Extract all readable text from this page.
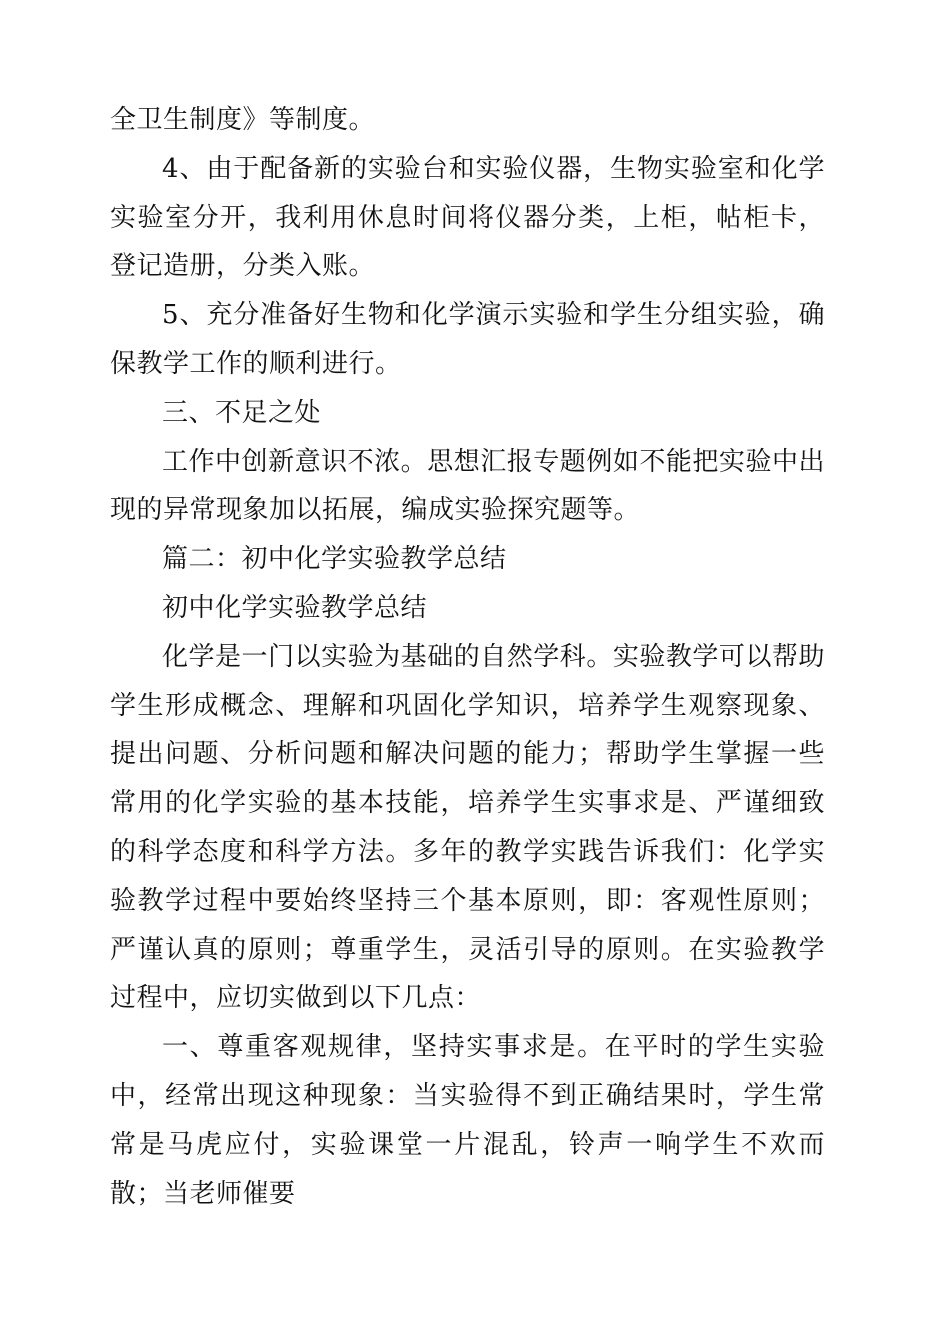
全卫生制度》等制度。

4、由于配备新的实验台和实验仪器，生物实验室和化学实验室分开，我利用休息时间将仪器分类，上柜，帖柜卡，登记造册，分类入账。

5、充分准备好生物和化学演示实验和学生分组实验，确保教学工作的顺利进行。

三、不足之处

工作中创新意识不浓。思想汇报专题例如不能把实验中出现的异常现象加以拓展，编成实验探究题等。

篇二：初中化学实验教学总结

初中化学实验教学总结

化学是一门以实验为基础的自然学科。实验教学可以帮助学生形成概念、理解和巩固化学知识，培养学生观察现象、提出问题、分析问题和解决问题的能力；帮助学生掌握一些常用的化学实验的基本技能，培养学生实事求是、严谨细致的科学态度和科学方法。多年的教学实践告诉我们：化学实验教学过程中要始终坚持三个基本原则，即：客观性原则；严谨认真的原则；尊重学生，灵活引导的原则。在实验教学过程中，应切实做到以下几点：

一、尊重客观规律，坚持实事求是。在平时的学生实验中，经常出现这种现象：当实验得不到正确结果时，学生常常是马虎应付，实验课堂一片混乱，铃声一响学生不欢而散；当老师催要
